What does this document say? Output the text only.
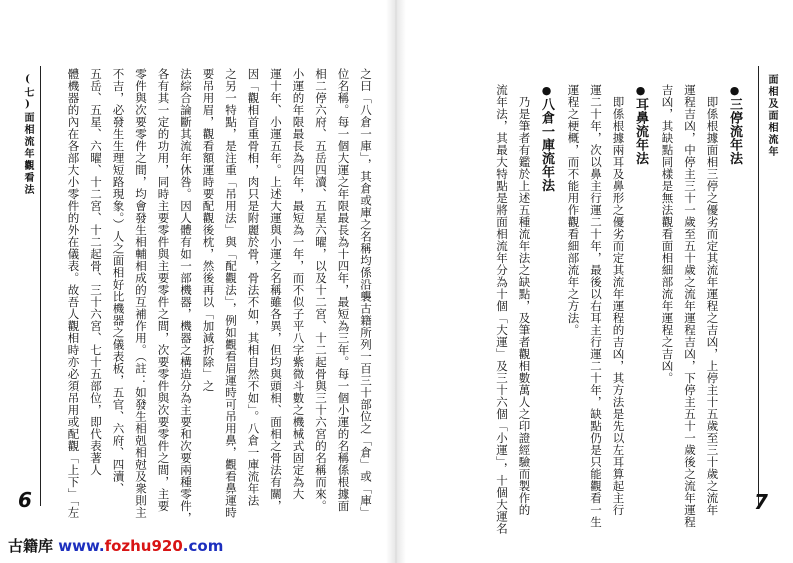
(七)面相流年觀看法	之曰「八倉一庫」，其倉或庫之名稱均係沿襲古籍所列一百三十部位之「倉」或「庫」
位名稱。每一個大運之年限最長為十四年，最短為三年。每一個小運的名稱係根據面
相二停六府、五岳四瀆、五星六曜，以及十二宮、十二起骨與三十六宮的名稱而來。
小運的年限最長為四年，最短為一年，而不似子平八字紫微斗數之機械式固定為大
運十年、小運五年。上述大運與小運之名稱雖各異，但均與頭相、面相之骨法有關，
因「觀相首重骨相，肉只是附麗於骨，骨法不如，其相自然不如」。八倉一庫流年法
之另一特點，是注重「吊用法」與「配觀法」，例如觀看眉運時可吊用鼻，觀看鼻運時
要吊用眉，觀看額運時要配觀後枕，然後再以「加減折除」之
法綜合論斷其流年休咎。因人體有如一部機器，機器之構造分為主要和次要兩種零件，
各有其一定的功用，同時主要零件與主要零件之間，次要零件與次要零件之間，主要
零件與次要零件之間，均會發生相輔相成的互補作用。（註：如發生相剋相尅及衆則主
不吉，必發生生理短路現象。）人之面相好比機器之儀表板，五官、六府、四瀆、
五岳、五星、六曜、十二宮、十二起骨、三十六宮、七十五部位，即代表著人
體機器的內在各部大小零件的外在儀表。故吾人觀相時亦必須吊用或配觀「上下」「左
6
面相及面相流年
●三停流年法
即係根據面相三停之優劣而定其流年運程之吉凶，上停主十五歲至三十歲之流年
運程吉凶，中停主三十一歲至五十歲之流年運程吉凶，下停主五十一歲後之流年運程
吉凶，其缺點同樣是無法觀看面相細部流年運程之吉凶。
●耳鼻流年法
即係根據兩耳及鼻形之優劣而定其流年運程的吉凶，其方法是先以左耳算起主行
運二十年，次以鼻主行運二十年，最後以右耳主行運二十年，缺點仍是只能觀看一生
運程之梗概，而不能用作觀看細部流年之方法。
●八倉一庫流年法
乃是筆者有鑑於上述五種流年法之缺點，及筆者觀相數萬人之印證經驗而製作的
流年法，其最大特點是將面相流年分為十個「大運」及三十六個「小運」，十個大運名	7
古籍库 www.fozhu920.com
